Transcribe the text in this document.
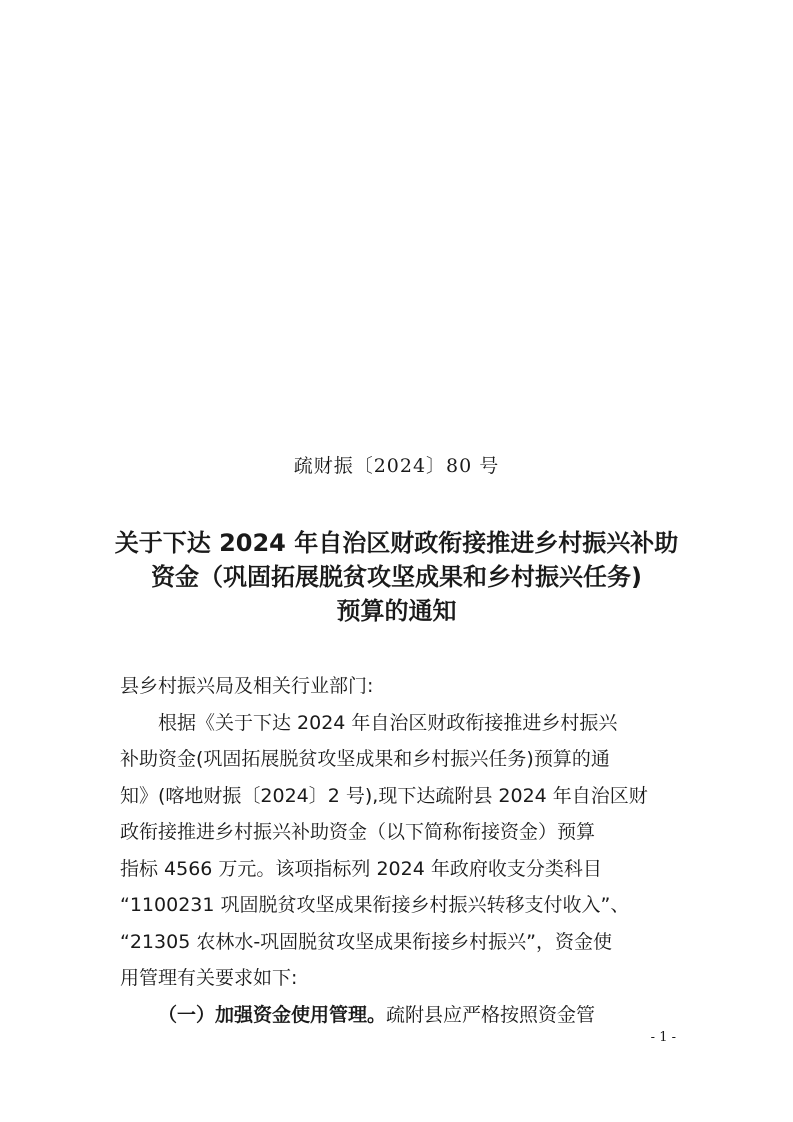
疏财振〔2024〕80 号
关于下达 2024 年自治区财政衔接推进乡村振兴补助
资金（巩固拓展脱贫攻坚成果和乡村振兴任务)
预算的通知
县乡村振兴局及相关行业部门:
根据《关于下达 2024 年自治区财政衔接推进乡村振兴
补助资金(巩固拓展脱贫攻坚成果和乡村振兴任务)预算的通
知》(喀地财振〔2024〕2 号),现下达疏附县 2024 年自治区财
政衔接推进乡村振兴补助资金（以下简称衔接资金）预算
指标 4566 万元。该项指标列 2024 年政府收支分类科目
“1100231 巩固脱贫攻坚成果衔接乡村振兴转移支付收入”、
“21305 农林水-巩固脱贫攻坚成果衔接乡村振兴”，资金使
用管理有关要求如下:
（一）加强资金使用管理。疏附县应严格按照资金管
- 1 -
